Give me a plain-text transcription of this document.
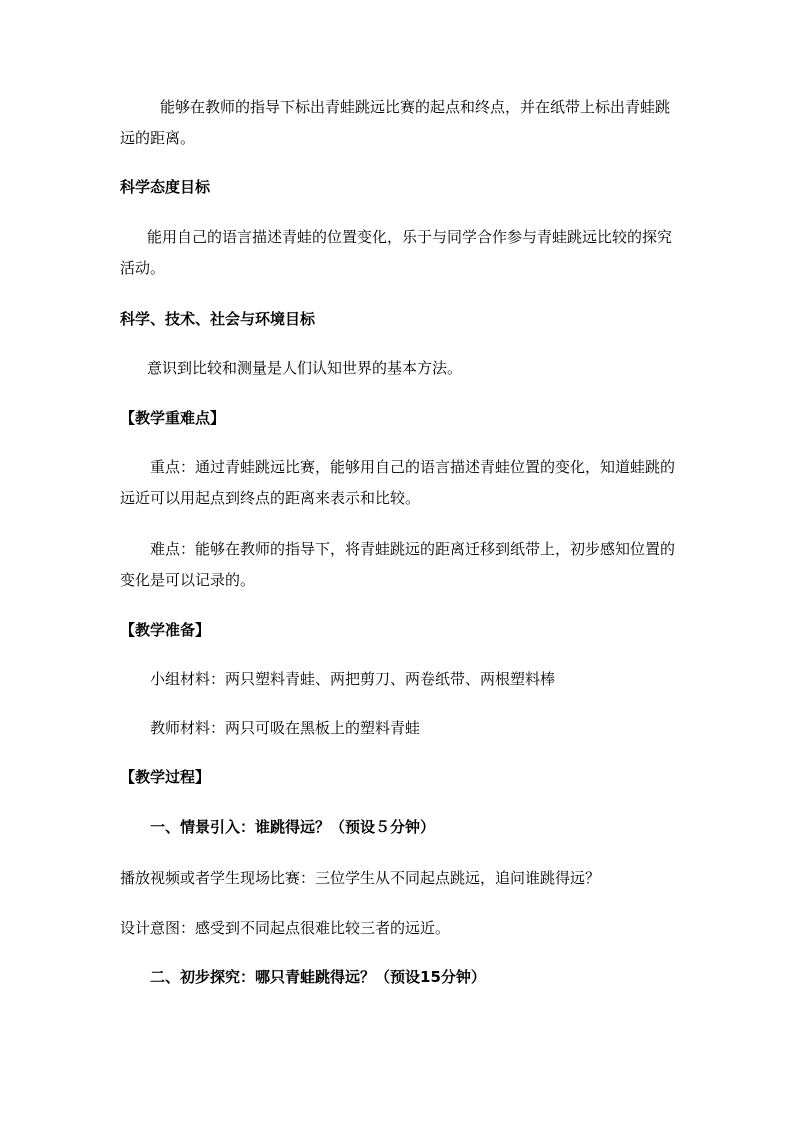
能够在教师的指导下标出青蛙跳远比赛的起点和终点，并在纸带上标出青蛙跳远的距离。

科学态度目标

能用自己的语言描述青蛙的位置变化，乐于与同学合作参与青蛙跳远比较的探究活动。

科学、技术、社会与环境目标

意识到比较和测量是人们认知世界的基本方法。

【教学重难点】

重点：通过青蛙跳远比赛，能够用自己的语言描述青蛙位置的变化，知道蛙跳的远近可以用起点到终点的距离来表示和比较。

难点：能够在教师的指导下，将青蛙跳远的距离迁移到纸带上，初步感知位置的变化是可以记录的。

【教学准备】

小组材料：两只塑料青蛙、两把剪刀、两卷纸带、两根塑料棒

教师材料：两只可吸在黑板上的塑料青蛙

【教学过程】

一、情景引入：谁跳得远？（预设５分钟）

播放视频或者学生现场比赛：三位学生从不同起点跳远，追问谁跳得远？

设计意图：感受到不同起点很难比较三者的远近。

二、初步探究：哪只青蛙跳得远？（预设15分钟）
